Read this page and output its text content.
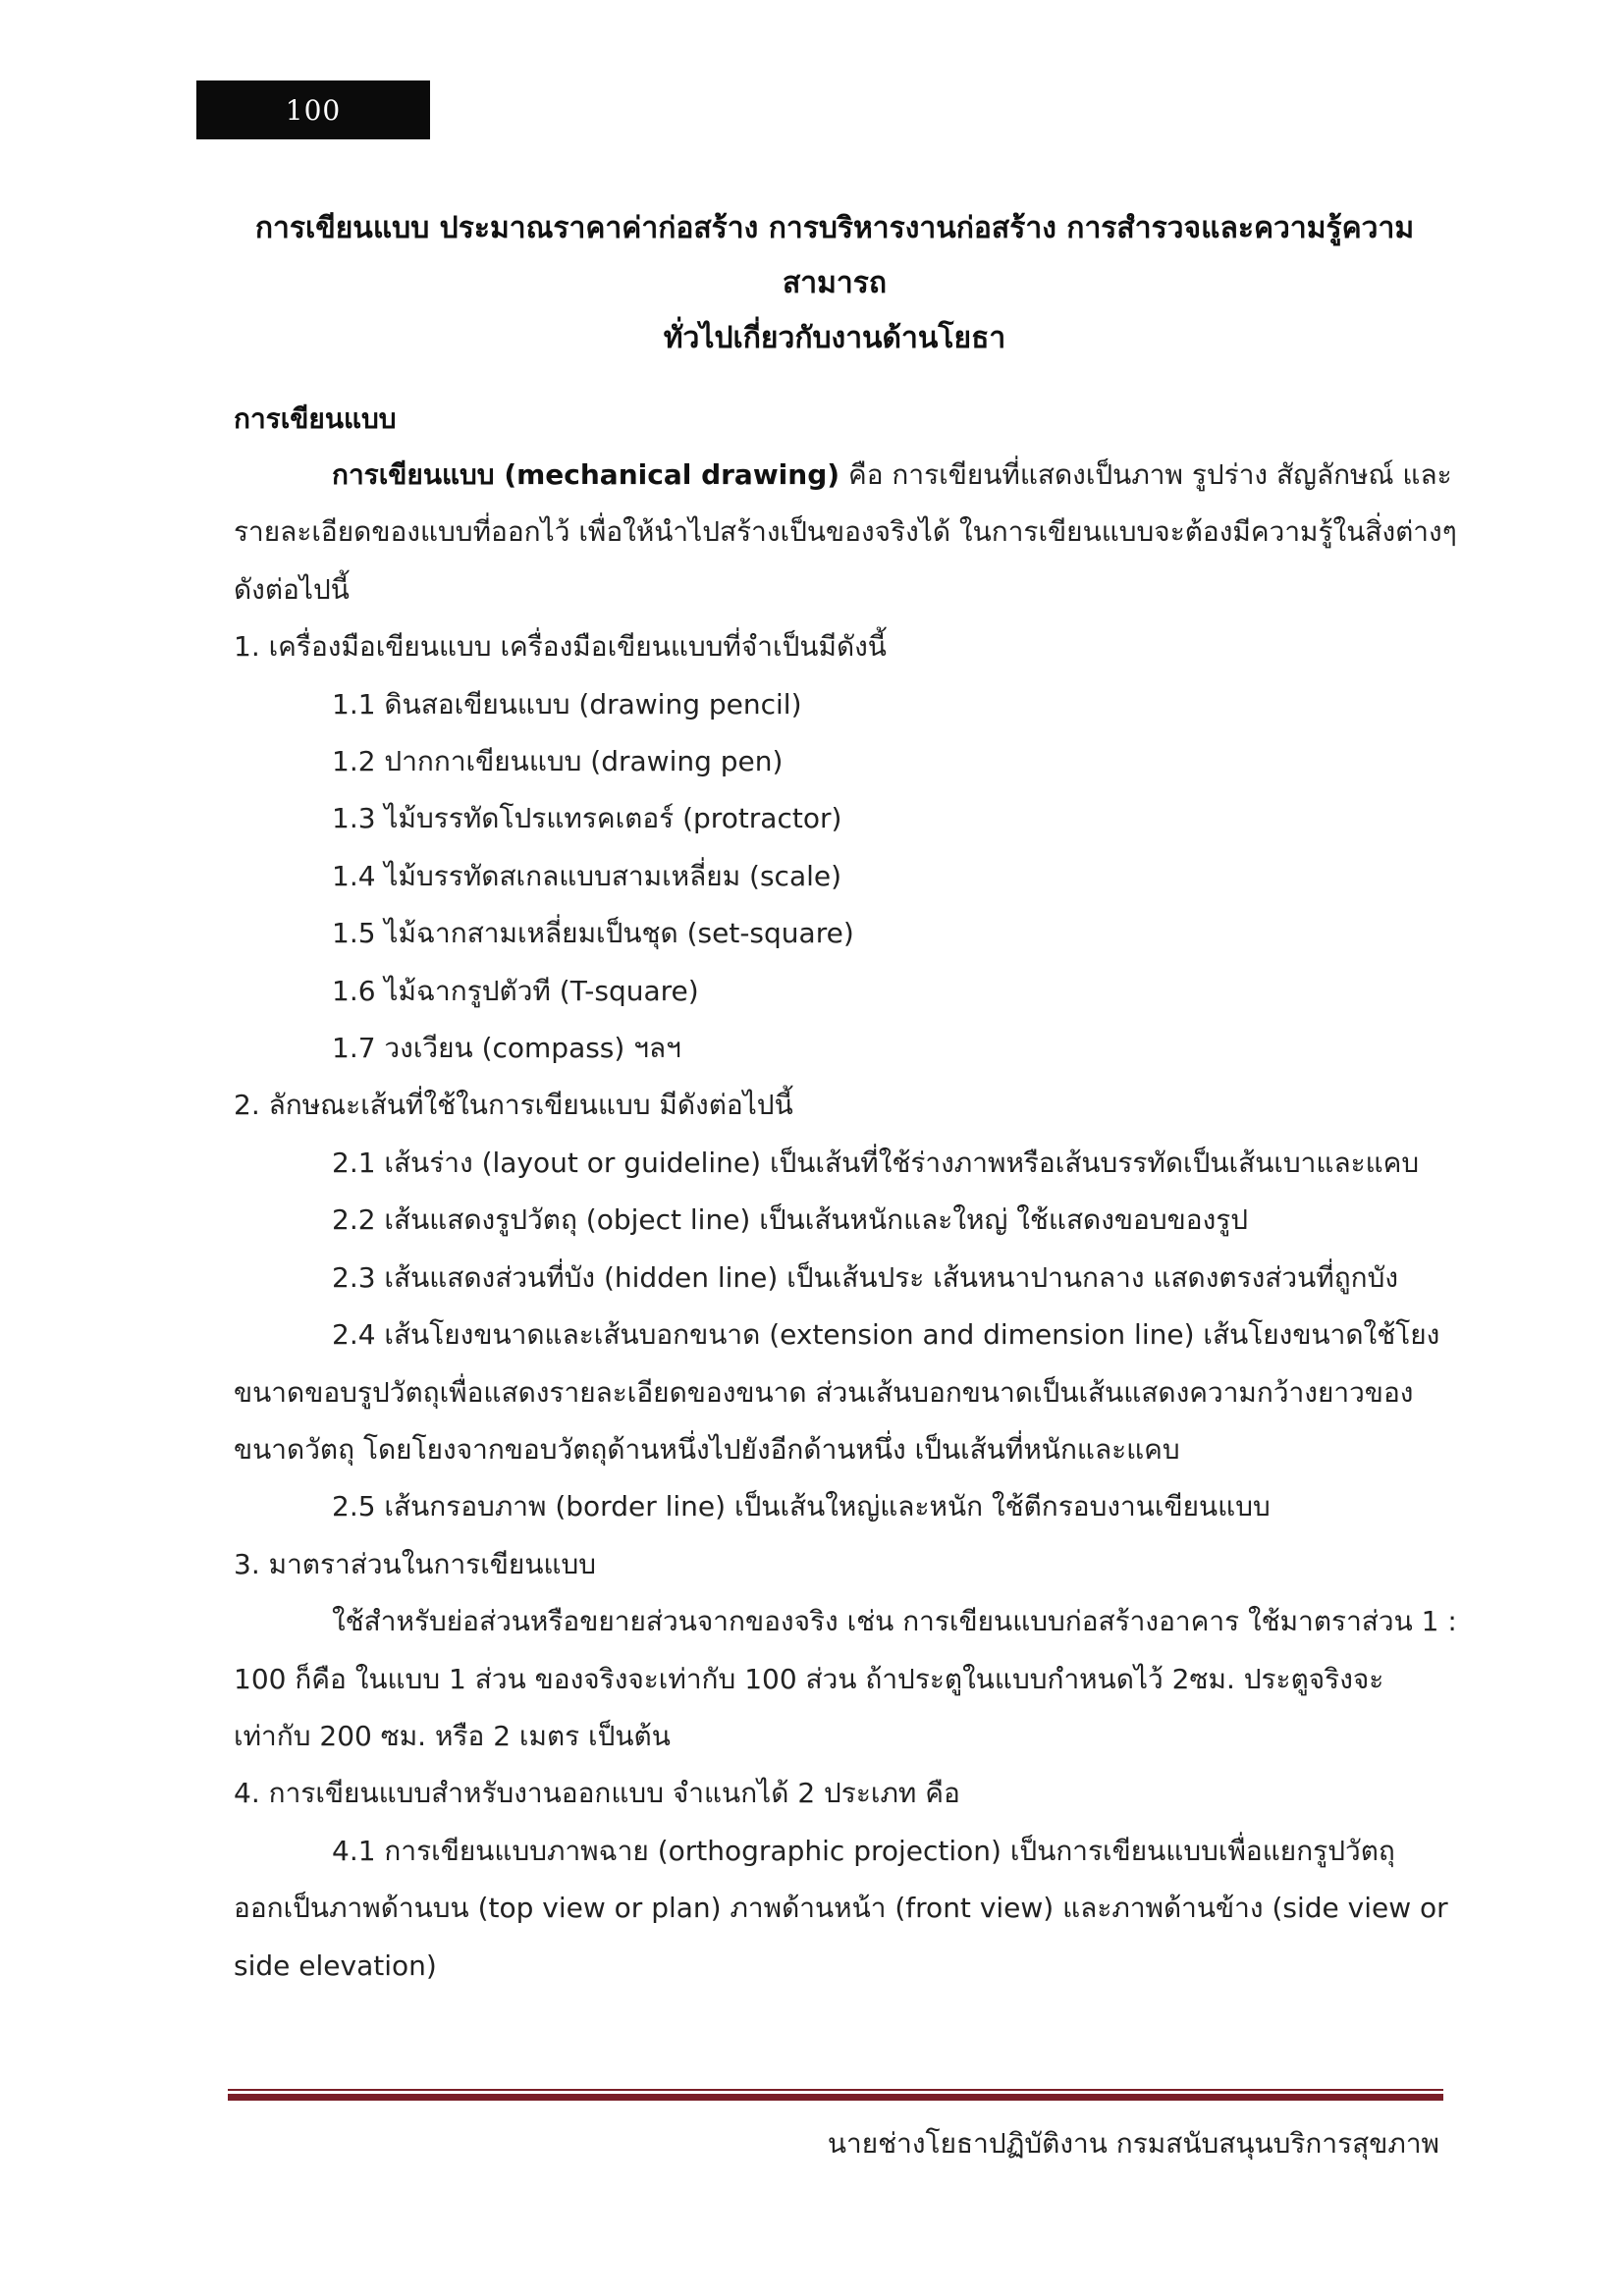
100
การเขียนแบบ ประมาณราคาค่าก่อสร้าง การบริหารงานก่อสร้าง การสำรวจและความรู้ความสามารถ
ทั่วไปเกี่ยวกับงานด้านโยธา
การเขียนแบบ

การเขียนแบบ (mechanical drawing) คือ การเขียนที่แสดงเป็นภาพ รูปร่าง สัญลักษณ์ และ

รายละเอียดของแบบที่ออกไว้ เพื่อให้นำไปสร้างเป็นของจริงได้ ในการเขียนแบบจะต้องมีความรู้ในสิ่งต่างๆ

ดังต่อไปนี้

1. เครื่องมือเขียนแบบ เครื่องมือเขียนแบบที่จำเป็นมีดังนี้

1.1 ดินสอเขียนแบบ (drawing pencil)

1.2 ปากกาเขียนแบบ (drawing pen)

1.3 ไม้บรรทัดโปรแทรคเตอร์ (protractor)

1.4 ไม้บรรทัดสเกลแบบสามเหลี่ยม (scale)

1.5 ไม้ฉากสามเหลี่ยมเป็นชุด (set-square)

1.6 ไม้ฉากรูปตัวที (T-square)

1.7 วงเวียน (compass) ฯลฯ

2. ลักษณะเส้นที่ใช้ในการเขียนแบบ มีดังต่อไปนี้

2.1 เส้นร่าง (layout or guideline) เป็นเส้นที่ใช้ร่างภาพหรือเส้นบรรทัดเป็นเส้นเบาและแคบ

2.2 เส้นแสดงรูปวัตถุ (object line) เป็นเส้นหนักและใหญ่ ใช้แสดงขอบของรูป

2.3 เส้นแสดงส่วนที่บัง (hidden line) เป็นเส้นประ เส้นหนาปานกลาง แสดงตรงส่วนที่ถูกบัง

2.4 เส้นโยงขนาดและเส้นบอกขนาด (extension and dimension line) เส้นโยงขนาดใช้โยง

ขนาดขอบรูปวัตถุเพื่อแสดงรายละเอียดของขนาด ส่วนเส้นบอกขนาดเป็นเส้นแสดงความกว้างยาวของ

ขนาดวัตถุ โดยโยงจากขอบวัตถุด้านหนึ่งไปยังอีกด้านหนึ่ง เป็นเส้นที่หนักและแคบ

2.5 เส้นกรอบภาพ (border line) เป็นเส้นใหญ่และหนัก ใช้ตีกรอบงานเขียนแบบ

3. มาตราส่วนในการเขียนแบบ

ใช้สำหรับย่อส่วนหรือขยายส่วนจากของจริง เช่น การเขียนแบบก่อสร้างอาคาร ใช้มาตราส่วน 1 :

100 ก็คือ ในแบบ 1 ส่วน ของจริงจะเท่ากับ 100 ส่วน ถ้าประตูในแบบกำหนดไว้ 2ซม. ประตูจริงจะ

เท่ากับ 200 ซม. หรือ 2 เมตร เป็นต้น

4. การเขียนแบบสำหรับงานออกแบบ จำแนกได้ 2 ประเภท คือ

4.1 การเขียนแบบภาพฉาย (orthographic projection) เป็นการเขียนแบบเพื่อแยกรูปวัตถุ

ออกเป็นภาพด้านบน (top view or plan) ภาพด้านหน้า (front view) และภาพด้านข้าง (side view or

side elevation)

นายช่างโยธาปฏิบัติงาน กรมสนับสนุนบริการสุขภาพ
